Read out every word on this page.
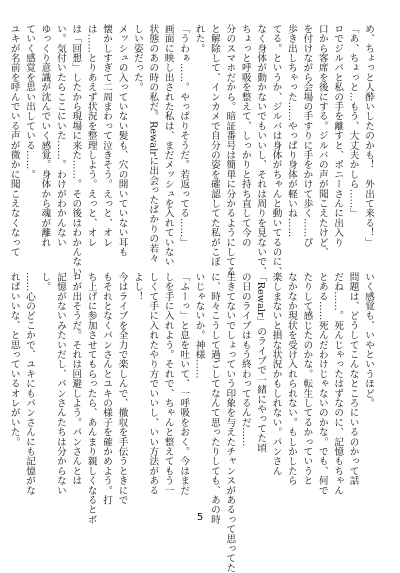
め、ちょっと人酔いしたのかも！　外出て来る！」
「あ、ちょっと…もう、大丈夫かしら……」
ロでジルバと私の手を離すと、ポニーさんに出入り
口から客席を後にする。ジルバの声が聞こえたけど、
を付けながら会場の手すりに手をかけて歩く……ぴ
歩き出しちゃった……やっぱり身体が軽いね……
てる。というか、ジルバは身体がちゃんと動いてるのに、
なく身体が動かないでもいいし、それは周りを見ないで、
ちょっと呼吸を整えて、しっかりと持ち直して今の
分のスマホだから。暗証番号は簡単に分かるようにしてる
と解除して、インカメで自分の姿を確認してた私がこぼ
れた。
「うわぁ……。やっぱりそうだ。若返ってる……」
画面に映し出された私は、まだメッシュを入れていない
状態のあの時の私だ。Rewalrに出会ったばかりの若々
しい姿だった。
メッシュの入っていない髪も、穴の開いていない耳も
懐かしすぎて二周まわって泣きそう。えっと、オレ
は……とりあえず状況を整理しよう。えっと、オレ
は「回想」したから現場に来た……。その後はわかんない
い。気付いたらここにいた……。わけがわかんない
ゆっくり意識が沈んでいく感覚。身体から魂が離れ
ていく感覚を思い出している……。
ユキが名前を呼んでいる声が微かに聞こえなくなって
いく感覚も、いやというほど。
問題は、どうしてこんなところにいるのかって話
だね……。死んじゃったはずなのに、記憶もちゃん
とある……死んだわけじゃないのかな。でも、何で
たりして感じたのかな。転生してるかっていうと
なかなか現状を受け入れられない。もしかしたら
楽しまないと損な状況かもしれない。パンさん
「Rewalr」のライブで一緒にやってた頃
の日のライブはもう終わってるんだ……
生きてないでしょっていう印象を与えたチャンスがあるって思ってた
に、時々こうして過ごしてなんて思ったりしても、あの時
いじゃないか。神様……
「ふーっ」と息を吐いて、一呼吸をおく。今はまだ
しを手に入れよう。それで、ちゃんと整えてもう一
しくて手に入れたやり方でいいし、いい方法がある
よし！
今はライブを全力で楽しんで、撤収を手伝うときにで
もそれとなくパンさんとユキの様子を確かめよう。打
ち上げに参加させてもらったら、あんまり親しくなるとボ
ロが出そうだ。それは回避しよう。パンさんとは
記憶がないみたいだし、パンさんたちは分からない
し。
……心のどこかで、ユキにもパンさんにも記憶がな
ればいいな、と思っているオレがいた。
5
